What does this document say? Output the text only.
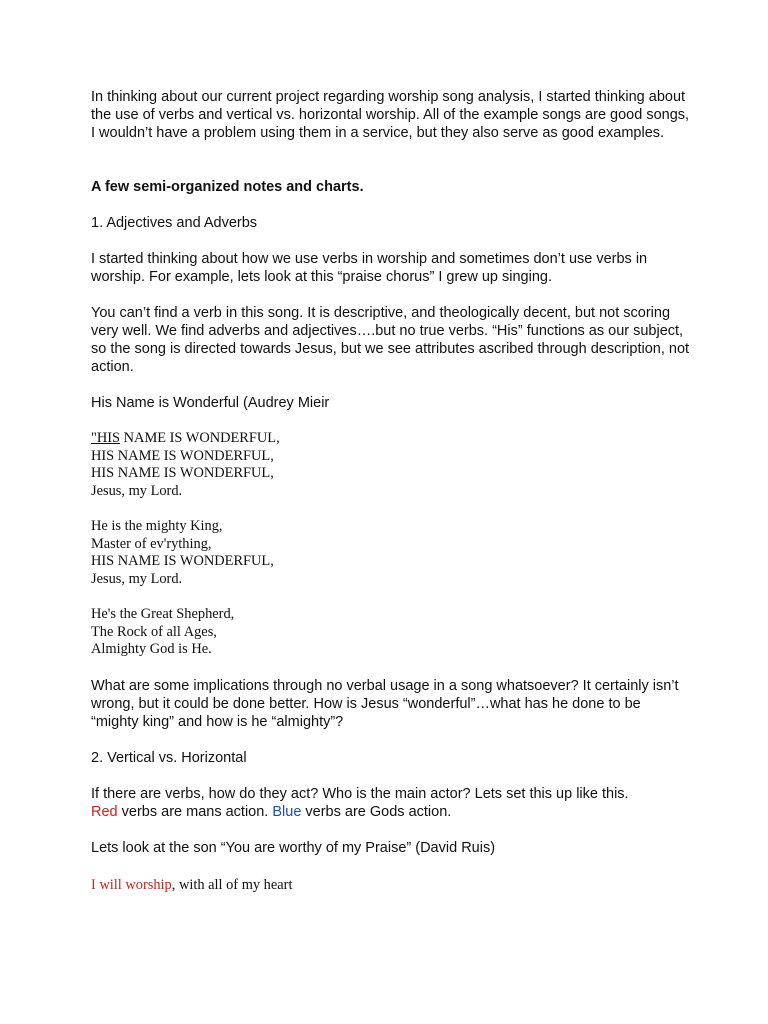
In thinking about our current project regarding worship song analysis, I started thinking about the use of verbs and vertical vs. horizontal worship. All of the example songs are good songs, I wouldn’t have a problem using them in a service, but they also serve as good examples.

A few semi-organized notes and charts.

1. Adjectives and Adverbs

I started thinking about how we use verbs in worship and sometimes don’t use verbs in worship. For example, lets look at this “praise chorus” I grew up singing.

You can’t find a verb in this song. It is descriptive, and theologically decent, but not scoring very well. We find adverbs and adjectives….but no true verbs. “His” functions as our subject, so the song is directed towards Jesus, but we see attributes ascribed through description, not action.

His Name is Wonderful (Audrey Mieir

"HIS NAME IS WONDERFUL,

HIS NAME IS WONDERFUL,

HIS NAME IS WONDERFUL,

Jesus, my Lord.

He is the mighty King,

Master of ev'rything,

HIS NAME IS WONDERFUL,

Jesus, my Lord.

He's the Great Shepherd,

The Rock of all Ages,

Almighty God is He.

What are some implications through no verbal usage in a song whatsoever? It certainly isn’t wrong, but it could be done better. How is Jesus “wonderful”…what has he done to be “mighty king” and how is he “almighty”?

2. Vertical vs. Horizontal

If there are verbs, how do they act? Who is the main actor? Lets set this up like this.
Red verbs are mans action. Blue verbs are Gods action.

Lets look at the son “You are worthy of my Praise” (David Ruis)

I will worship, with all of my heart
